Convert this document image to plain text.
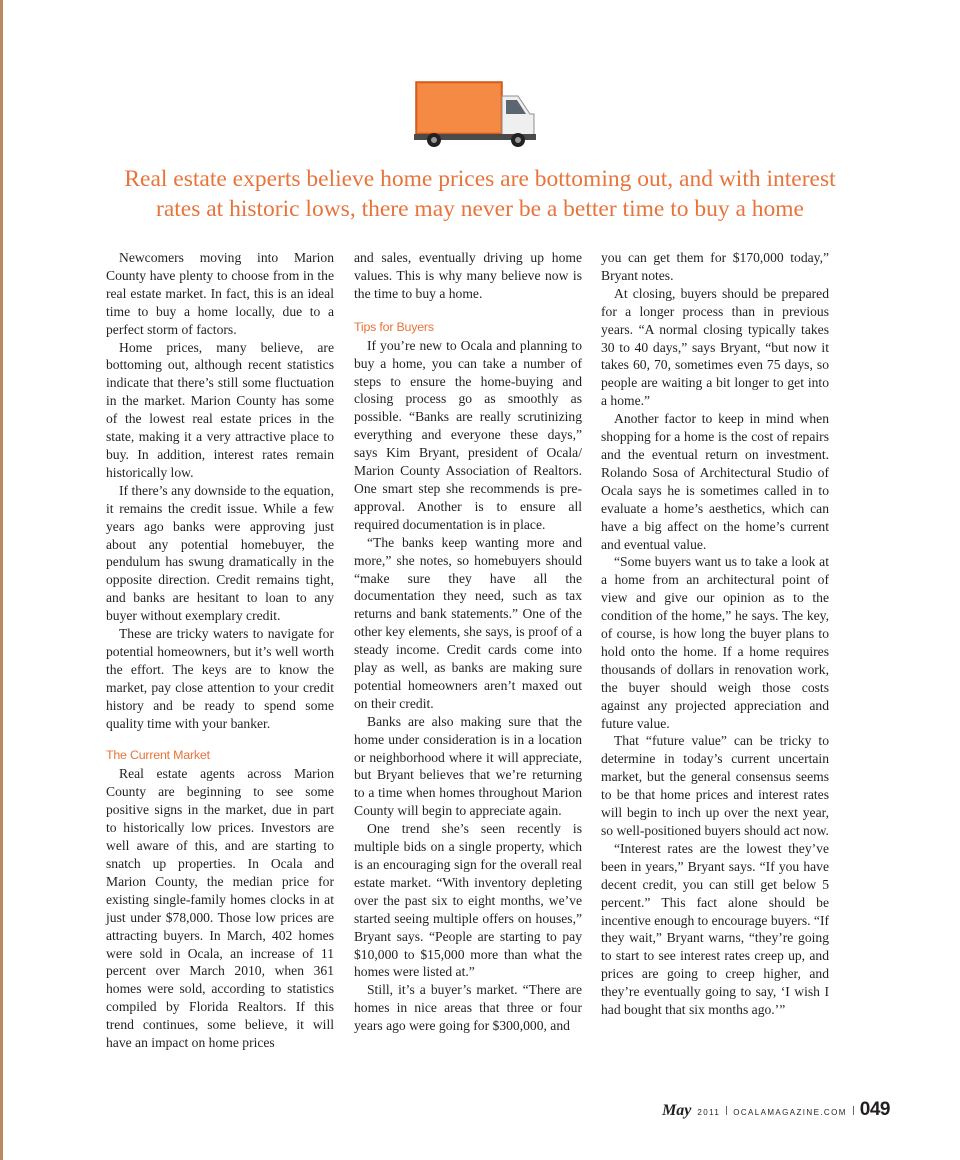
Real estate experts believe home prices are bottoming out, and with interest
rates at historic lows, there may never be a better time to buy a home

Newcomers moving into Marion County have plenty to choose from in the real estate market. In fact, this is an ideal time to buy a home locally, due to a perfect storm of factors.

Home prices, many believe, are bottoming out, although recent statistics indicate that there’s still some fluctuation in the market. Marion County has some of the lowest real estate prices in the state, making it a very attractive place to buy. In addition, interest rates remain historically low.

If there’s any downside to the equation, it remains the credit issue. While a few years ago banks were approving just about any potential homebuyer, the pendulum has swung dramatically in the opposite direction. Credit remains tight, and banks are hesitant to loan to any buyer without exemplary credit.

These are tricky waters to navigate for potential homeowners, but it’s well worth the effort. The keys are to know the market, pay close attention to your credit history and be ready to spend some quality time with your banker.

The Current Market

Real estate agents across Marion County are beginning to see some positive signs in the market, due in part to historically low prices. Investors are well aware of this, and are starting to snatch up properties. In Ocala and Marion County, the median price for existing single-family homes clocks in at just under $78,000. Those low prices are attracting buyers. In March, 402 homes were sold in Ocala, an increase of 11 percent over March 2010, when 361 homes were sold, according to statistics compiled by Florida Realtors. If this trend continues, some believe, it will have an impact on home prices

and sales, eventually driving up home values. This is why many believe now is the time to buy a home.

Tips for Buyers

If you’re new to Ocala and planning to buy a home, you can take a number of steps to ensure the home-buying and closing process go as smoothly as possible. “Banks are really scrutinizing everything and everyone these days,” says Kim Bryant, president of Ocala/ Marion County Association of Realtors. One smart step she recommends is pre-approval. Another is to ensure all required documentation is in place.

“The banks keep wanting more and more,” she notes, so homebuyers should “make sure they have all the documentation they need, such as tax returns and bank statements.” One of the other key elements, she says, is proof of a steady income. Credit cards come into play as well, as banks are making sure potential homeowners aren’t maxed out on their credit.

Banks are also making sure that the home under consideration is in a location or neighborhood where it will appreciate, but Bryant believes that we’re returning to a time when homes throughout Marion County will begin to appreciate again.

One trend she’s seen recently is multiple bids on a single property, which is an encouraging sign for the overall real estate market. “With inventory depleting over the past six to eight months, we’ve started seeing multiple offers on houses,” Bryant says. “People are starting to pay $10,000 to $15,000 more than what the homes were listed at.”

Still, it’s a buyer’s market. “There are homes in nice areas that three or four years ago were going for $300,000, and

you can get them for $170,000 today,” Bryant notes.

At closing, buyers should be prepared for a longer process than in previous years. “A normal closing typically takes 30 to 40 days,” says Bryant, “but now it takes 60, 70, sometimes even 75 days, so people are waiting a bit longer to get into a home.”

Another factor to keep in mind when shopping for a home is the cost of repairs and the eventual return on investment. Rolando Sosa of Architectural Studio of Ocala says he is sometimes called in to evaluate a home’s aesthetics, which can have a big affect on the home’s current and eventual value.

“Some buyers want us to take a look at a home from an architectural point of view and give our opinion as to the condition of the home,” he says. The key, of course, is how long the buyer plans to hold onto the home. If a home requires thousands of dollars in renovation work, the buyer should weigh those costs against any projected appreciation and future value.

That “future value” can be tricky to determine in today’s current uncertain market, but the general consensus seems to be that home prices and interest rates will begin to inch up over the next year, so well-positioned buyers should act now.

“Interest rates are the lowest they’ve been in years,” Bryant says. “If you have decent credit, you can still get below 5 percent.” This fact alone should be incentive enough to encourage buyers. “If they wait,” Bryant warns, “they’re going to start to see interest rates creep up, and prices are going to creep higher, and they’re eventually going to say, ‘I wish I had bought that six months ago.’”

May 2011 OCALAMAGAZINE.COM 049
